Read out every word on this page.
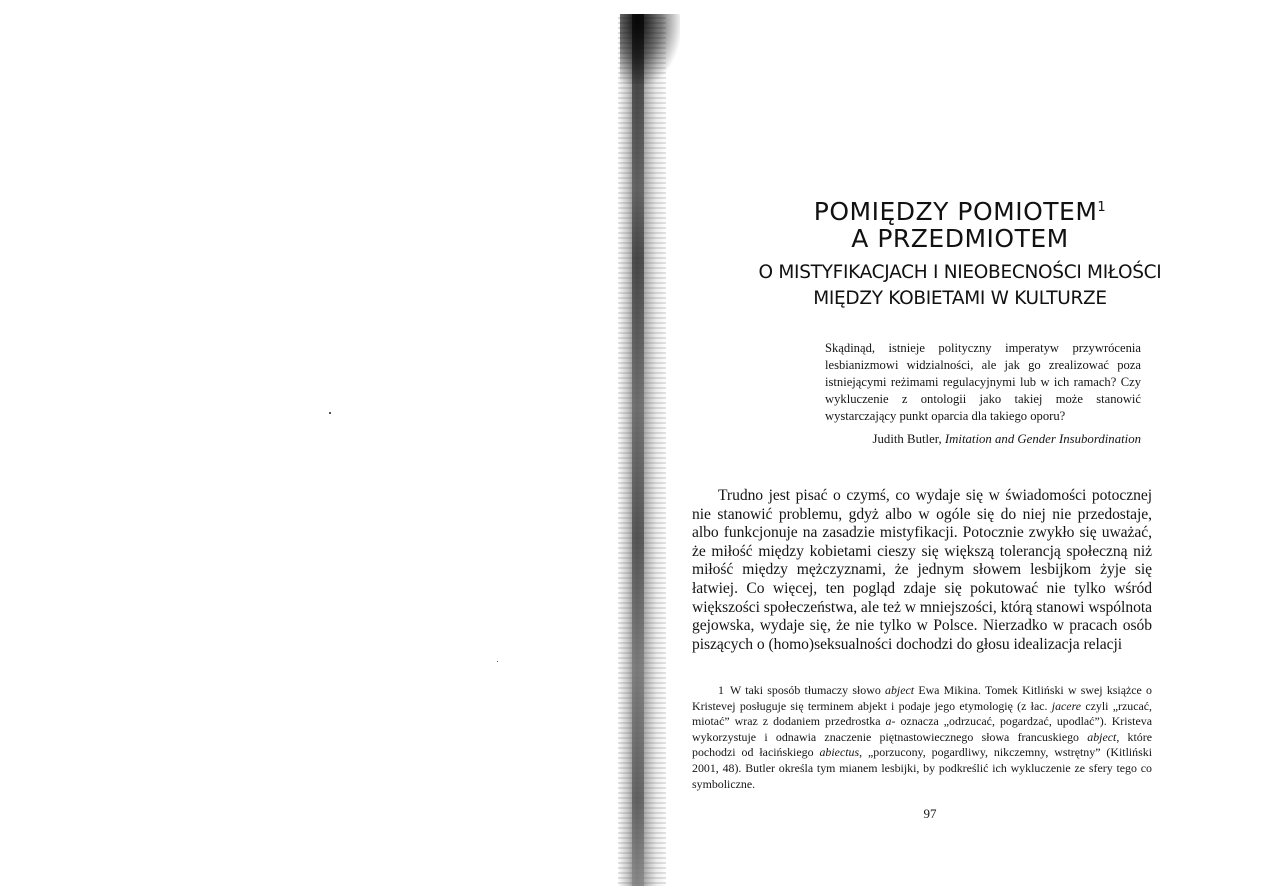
POMIĘDZY POMIOTEM$^1$
A PRZEDMIOTEM
O MISTYFIKACJACH I NIEOBECNOŚCI MIŁOŚCI
MIĘDZY KOBIETAMI W KULTURZE

Skądinąd, istnieje polityczny imperatyw przywrócenia lesbianizmowi widzialności, ale jak go zrealizować poza istniejącymi reżimami regulacyjnymi lub w ich ramach? Czy wykluczenie z ontologii jako takiej może stanowić wystarczający punkt oparcia dla takiego oporu?

Judith Butler, Imitation and Gender Insubordination

Trudno jest pisać o czymś, co wydaje się w świadomości potocznej nie stanowić problemu, gdyż albo w ogóle się do niej nie przedostaje, albo funkcjonuje na zasadzie mistyfikacji. Potocznie zwykło się uważać, że miłość między kobietami cieszy się większą tolerancją społeczną niż miłość między mężczyznami, że jednym słowem lesbijkom żyje się łatwiej. Co więcej, ten pogląd zdaje się pokutować nie tylko wśród większości społeczeństwa, ale też w mniejszości, którą stanowi wspólnota gejowska, wydaje się, że nie tylko w Polsce. Nierzadko w pracach osób piszących o (homo)seksualności dochodzi do głosu idealizacja relacji

1 W taki sposób tłumaczy słowo abject Ewa Mikina. Tomek Kitliński w swej książce o Kristevej posługuje się terminem abjekt i podaje jego etymologię (z łac. jacere czyli „rzucać, miotać” wraz z dodaniem przedrostka a- oznacza „odrzucać, pogardzać, upodlać”). Kristeva wykorzystuje i odnawia znaczenie piętnastowiecznego słowa francuskiego abject, które pochodzi od łacińskiego abiectus, „porzucony, pogardliwy, nikczemny, wstrętny” (Kitliński 2001, 48). Butler określa tym mianem lesbijki, by podkreślić ich wykluczenie ze sfery tego co symboliczne.

97
